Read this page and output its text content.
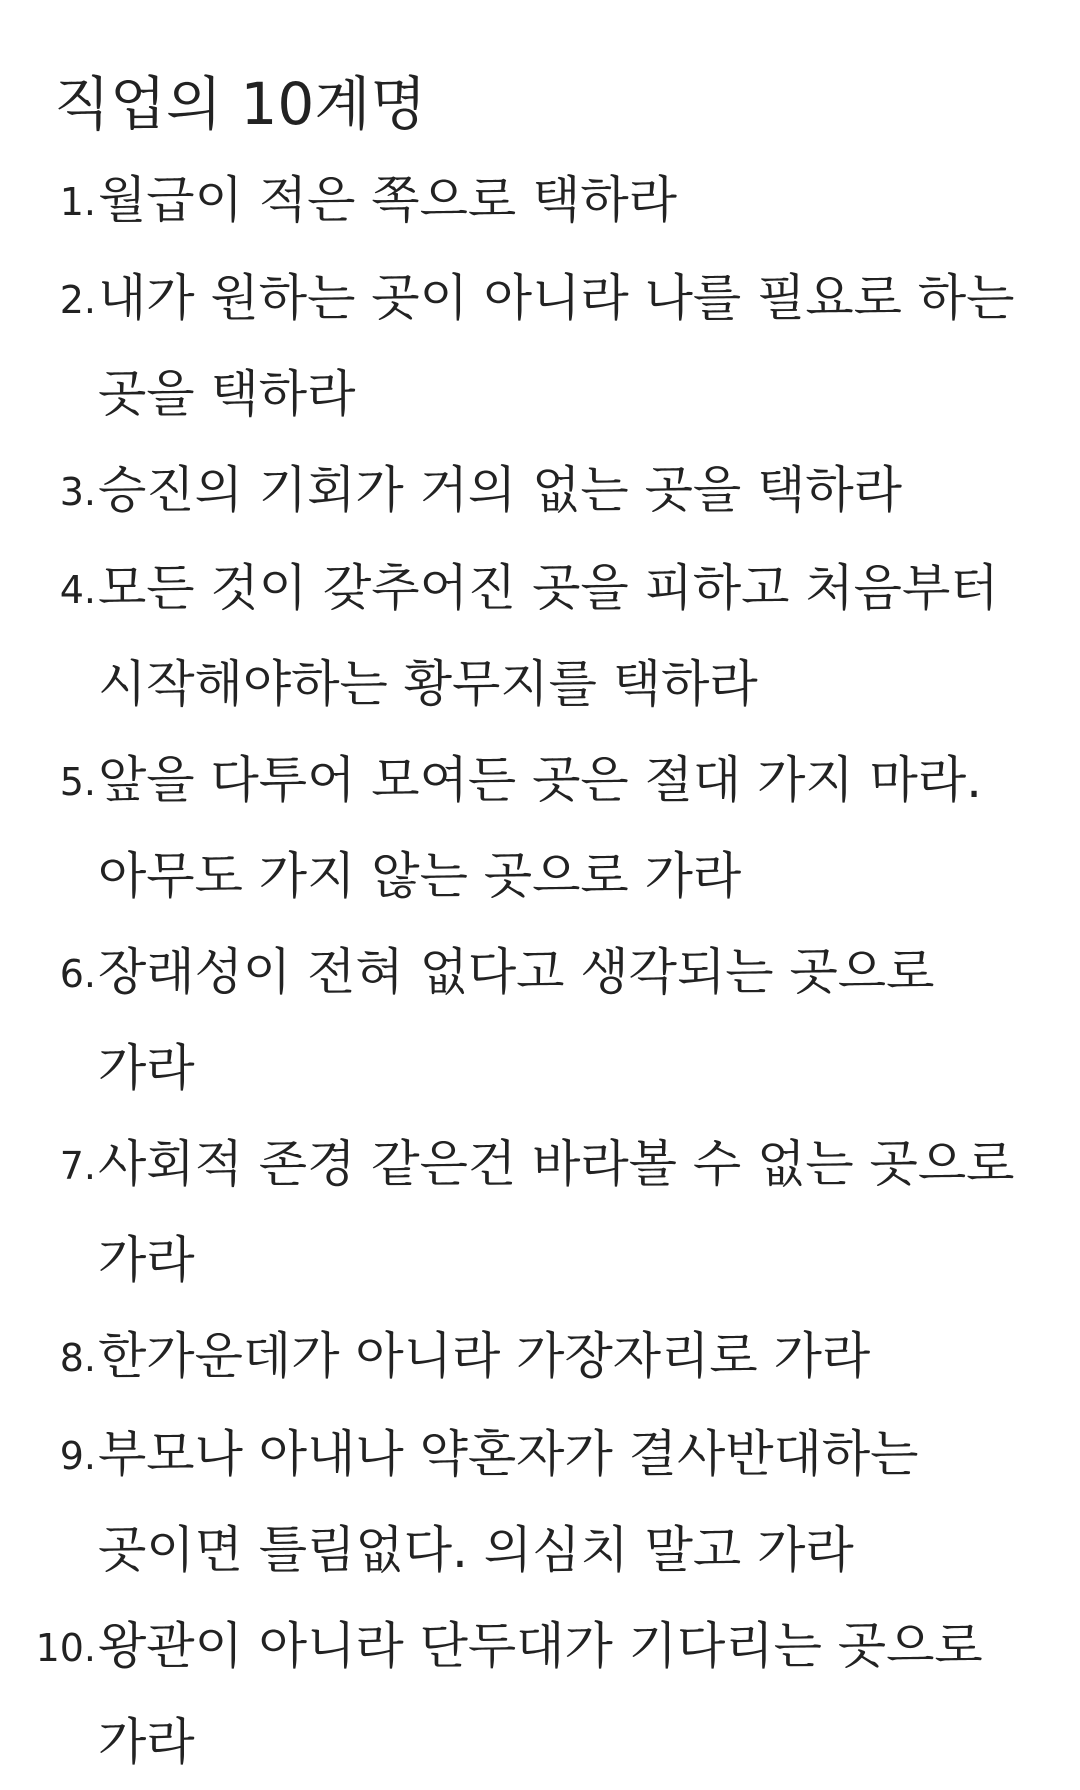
직업의 10계명
1. 월급이 적은 쪽으로 택하라
2. 내가 원하는 곳이 아니라 나를 필요로 하는 곳을 택하라
3. 승진의 기회가 거의 없는 곳을 택하라
4. 모든 것이 갖추어진 곳을 피하고 처음부터 시작해야하는 황무지를 택하라
5. 앞을 다투어 모여든 곳은 절대 가지 마라. 아무도 가지 않는 곳으로 가라
6. 장래성이 전혀 없다고 생각되는 곳으로 가라
7. 사회적 존경 같은건 바라볼 수 없는 곳으로 가라
8. 한가운데가 아니라 가장자리로 가라
9. 부모나 아내나 약혼자가 결사반대하는 곳이면 틀림없다. 의심치 말고 가라
10. 왕관이 아니라 단두대가 기다리는 곳으로 가라
